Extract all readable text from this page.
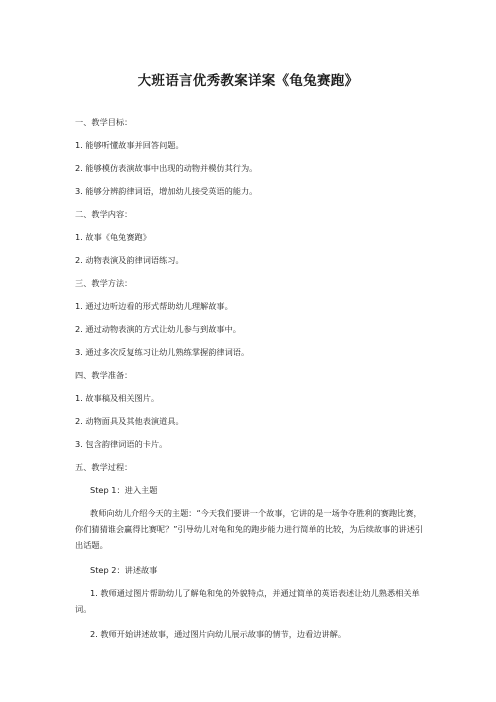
大班语言优秀教案详案《龟兔赛跑》
一、教学目标：
1. 能够听懂故事并回答问题。
2. 能够模仿表演故事中出现的动物并模仿其行为。
3. 能够分辨韵律词语，增加幼儿接受英语的能力。
二、教学内容：
1. 故事《龟兔赛跑》
2. 动物表演及韵律词语练习。
三、教学方法：
1. 通过边听边看的形式帮助幼儿理解故事。
2. 通过动物表演的方式让幼儿参与到故事中。
3. 通过多次反复练习让幼儿熟练掌握韵律词语。
四、教学准备：
1. 故事稿及相关图片。
2. 动物面具及其他表演道具。
3. 包含韵律词语的卡片。
五、教学过程：
Step 1：进入主题
教师向幼儿介绍今天的主题：“今天我们要讲一个故事，它讲的是一场争夺胜利的赛跑比赛，你们猜猜谁会赢得比赛呢？”引导幼儿对龟和兔的跑步能力进行简单的比较，为后续故事的讲述引出话题。
Step 2：讲述故事
1. 教师通过图片帮助幼儿了解龟和兔的外貌特点，并通过简单的英语表述让幼儿熟悉相关单词。
2. 教师开始讲述故事，通过图片向幼儿展示故事的情节，边看边讲解。
